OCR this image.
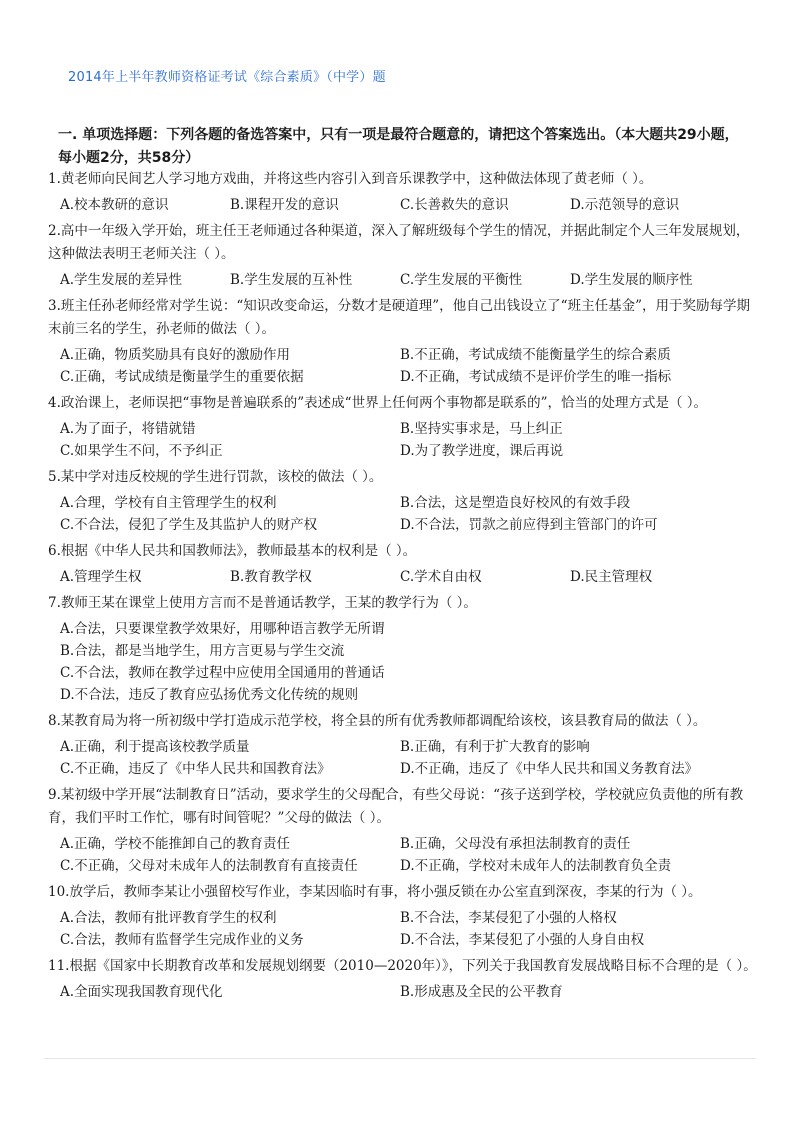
2014年上半年教师资格证考试《综合素质》（中学）题
一. 单项选择题：下列各题的备选答案中，只有一项是最符合题意的，请把这个答案选出。（本大题共29小题，每小题2分，共58分）
1.黄老师向民间艺人学习地方戏曲，并将这些内容引入到音乐课教学中，这种做法体现了黄老师（ ）。
A.校本教研的意识	B.课程开发的意识	C.长善救失的意识	D.示范领导的意识
2.高中一年级入学开始，班主任王老师通过各种渠道，深入了解班级每个学生的情况，并据此制定个人三年发展规划，这种做法表明王老师关注（ ）。
A.学生发展的差异性	B.学生发展的互补性	C.学生发展的平衡性	D.学生发展的顺序性
3.班主任孙老师经常对学生说：“知识改变命运，分数才是硬道理”，他自己出钱设立了“班主任基金”，用于奖励每学期末前三名的学生，孙老师的做法（ ）。
A.正确，物质奖励具有良好的激励作用	B.不正确，考试成绩不能衡量学生的综合素质
C.正确，考试成绩是衡量学生的重要依据	D.不正确，考试成绩不是评价学生的唯一指标
4.政治课上，老师误把“事物是普遍联系的”表述成“世界上任何两个事物都是联系的”，恰当的处理方式是（ ）。
A.为了面子，将错就错	B.坚持实事求是，马上纠正
C.如果学生不问，不予纠正	D.为了教学进度，课后再说
5.某中学对违反校规的学生进行罚款，该校的做法（ ）。
A.合理，学校有自主管理学生的权利	B.合法，这是塑造良好校风的有效手段
C.不合法，侵犯了学生及其监护人的财产权	D.不合法，罚款之前应得到主管部门的许可
6.根据《中华人民共和国教师法》，教师最基本的权利是（ ）。
A.管理学生权	B.教育教学权	C.学术自由权	D.民主管理权
7.教师王某在课堂上使用方言而不是普通话教学，王某的教学行为（ ）。
A.合法，只要课堂教学效果好，用哪种语言教学无所谓
B.合法，都是当地学生，用方言更易与学生交流
C.不合法，教师在教学过程中应使用全国通用的普通话
D.不合法，违反了教育应弘扬优秀文化传统的规则
8.某教育局为将一所初级中学打造成示范学校，将全县的所有优秀教师都调配给该校，该县教育局的做法（ ）。
A.正确，利于提高该校教学质量	B.正确，有利于扩大教育的影响
C.不正确，违反了《中华人民共和国教育法》	D.不正确，违反了《中华人民共和国义务教育法》
9.某初级中学开展“法制教育日”活动，要求学生的父母配合，有些父母说：“孩子送到学校，学校就应负责他的所有教育，我们平时工作忙，哪有时间管呢？”父母的做法（ ）。
A.正确，学校不能推卸自己的教育责任	B.正确，父母没有承担法制教育的责任
C.不正确，父母对未成年人的法制教育有直接责任	D.不正确，学校对未成年人的法制教育负全责
10.放学后，教师李某让小强留校写作业，李某因临时有事，将小强反锁在办公室直到深夜，李某的行为（ ）。
A.合法，教师有批评教育学生的权利	B.不合法，李某侵犯了小强的人格权
C.合法，教师有监督学生完成作业的义务	D.不合法，李某侵犯了小强的人身自由权
11.根据《国家中长期教育改革和发展规划纲要（2010—2020年）》，下列关于我国教育发展战略目标不合理的是（ ）。
A.全面实现我国教育现代化	B.形成惠及全民的公平教育
